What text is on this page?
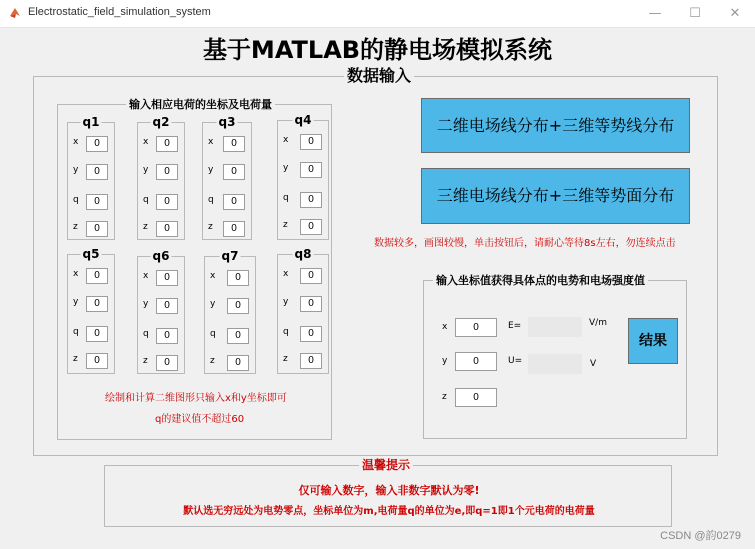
Electrostatic_field_simulation_system	—	☐	✕
基于MATLAB的静电场模拟系统
数据输入
输入相应电荷的坐标及电荷量
q1
x	0
y	0
q	0
z	0
q2
x	0
y	0
q	0
z	0
q3
x	0
y	0
q	0
z	0
q4
x	0
y	0
q	0
z	0
q5
x	0
y	0
q	0
z	0
q6
x	0
y	0
q	0
z	0
q7
x	0
y	0
q	0
z	0
q8
x	0
y	0
q	0
z	0
绘制和计算二维图形只输入x和y坐标即可
q的建议值不超过60
二维电场线分布+三维等势线分布
三维电场线分布+三维等势面分布
数据较多，画图较慢，单击按钮后，请耐心等待8s左右，勿连续点击
输入坐标值获得具体点的电势和电场强度值
x	0	E=	V/m
y	0	U=	V
z	0
结果
温馨提示
仅可输入数字，输入非数字默认为零!
默认选无穷远处为电势零点，坐标单位为m,电荷量q的单位为e,即q=1即1个元电荷的电荷量
CSDN @韵0279
